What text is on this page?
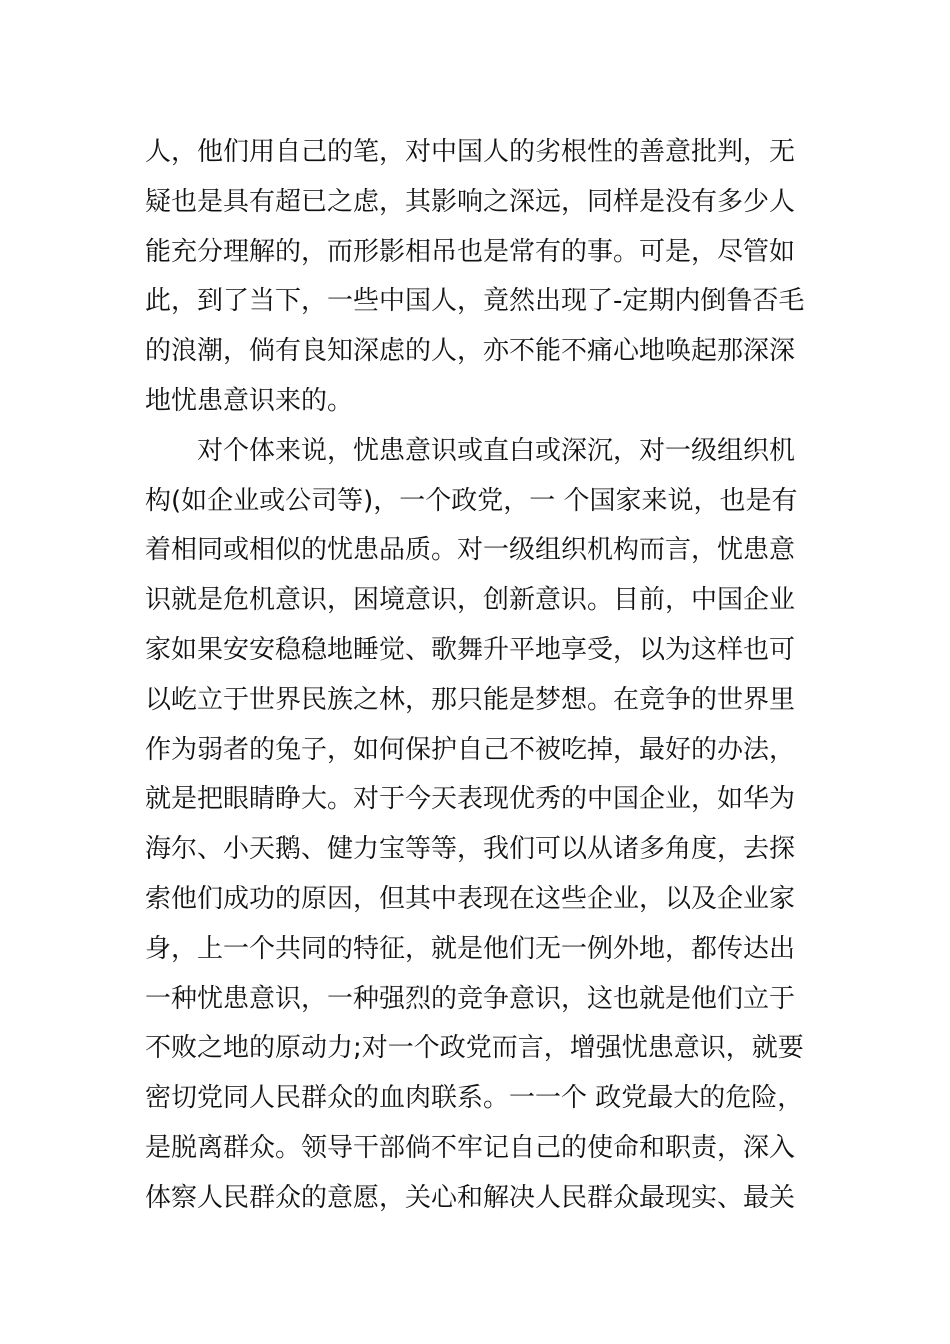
人，他们用自己的笔，对中国人的劣根性的善意批判，无
疑也是具有超已之虑，其影响之深远，同样是没有多少人
能充分理解的，而形影相吊也是常有的事。可是，尽管如
此，到了当下，一些中国人，竟然出现了-定期内倒鲁否毛
的浪潮，倘有良知深虑的人，亦不能不痛心地唤起那深深
地忧患意识来的。
　　对个体来说，忧患意识或直白或深沉，对一级组织机
构(如企业或公司等)，一个政党，一 个国家来说，也是有
着相同或相似的忧患品质。对一级组织机构而言，忧患意
识就是危机意识，困境意识，创新意识。目前，中国企业
家如果安安稳稳地睡觉、歌舞升平地享受，以为这样也可
以屹立于世界民族之林，那只能是梦想。在竞争的世界里
作为弱者的兔子，如何保护自己不被吃掉，最好的办法，
就是把眼睛睁大。对于今天表现优秀的中国企业，如华为
海尔、小天鹅、健力宝等等，我们可以从诸多角度，去探
索他们成功的原因，但其中表现在这些企业，以及企业家
身，上一个共同的特征，就是他们无一例外地，都传达出
一种忧患意识，一种强烈的竞争意识，这也就是他们立于
不败之地的原动力;对一个政党而言，增强忧患意识，就要
密切党同人民群众的血肉联系。一一个 政党最大的危险，
是脱离群众。领导干部倘不牢记自己的使命和职责，深入
体察人民群众的意愿，关心和解决人民群众最现实、最关
